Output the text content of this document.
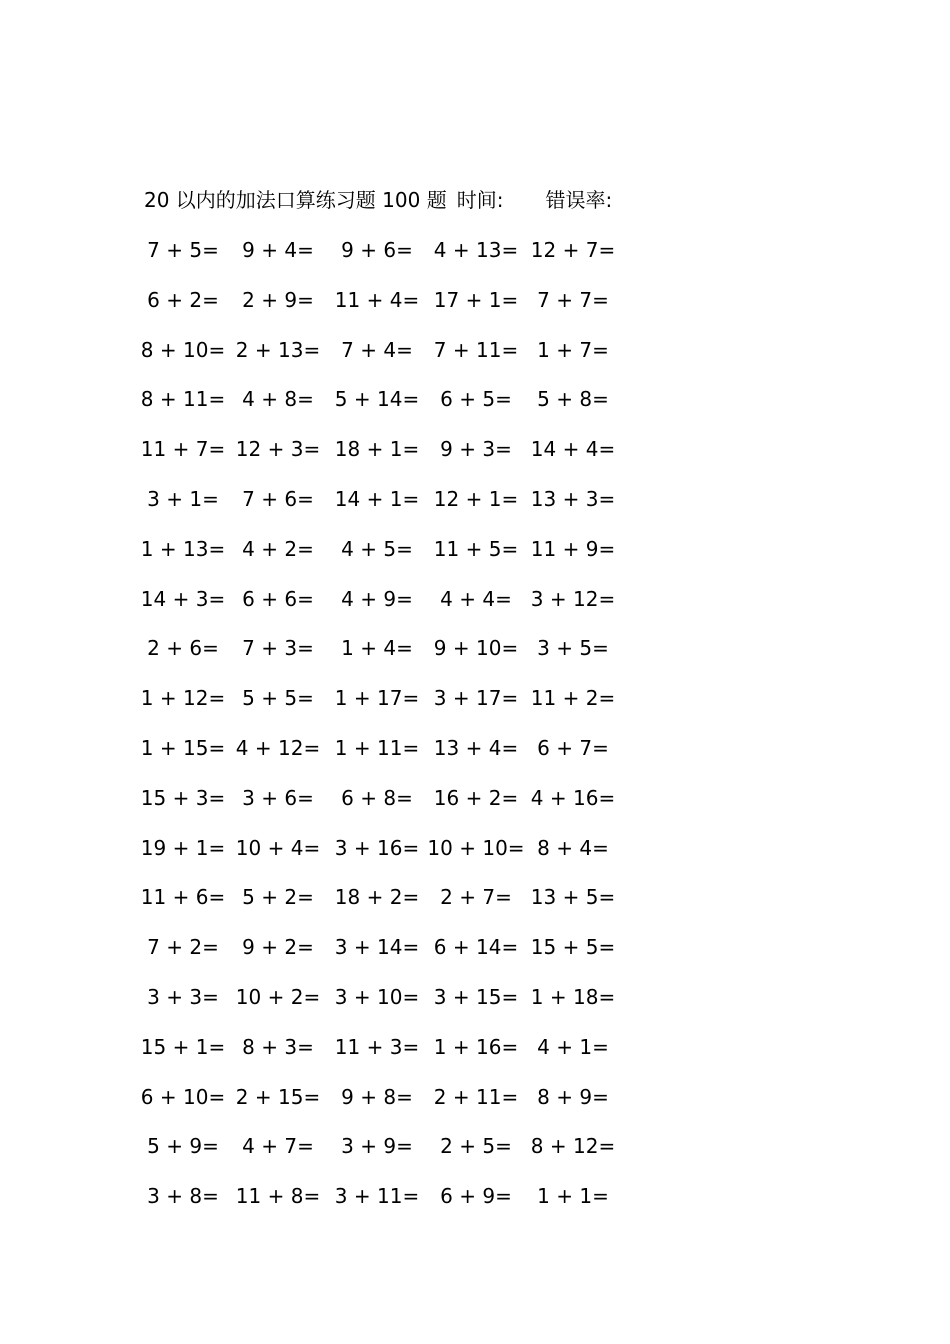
20 以内的加法口算练习题 100 题 时间: 错误率:
7 + 5= 9 + 4= 9 + 6= 4 + 13= 12 + 7=
6 + 2= 2 + 9= 11 + 4= 17 + 1= 7 + 7=
8 + 10= 2 + 13= 7 + 4= 7 + 11= 1 + 7=
8 + 11= 4 + 8= 5 + 14= 6 + 5= 5 + 8=
11 + 7= 12 + 3= 18 + 1= 9 + 3= 14 + 4=
3 + 1= 7 + 6= 14 + 1= 12 + 1= 13 + 3=
1 + 13= 4 + 2= 4 + 5= 11 + 5= 11 + 9=
14 + 3= 6 + 6= 4 + 9= 4 + 4= 3 + 12=
2 + 6= 7 + 3= 1 + 4= 9 + 10= 3 + 5=
1 + 12= 5 + 5= 1 + 17= 3 + 17= 11 + 2=
1 + 15= 4 + 12= 1 + 11= 13 + 4= 6 + 7=
15 + 3= 3 + 6= 6 + 8= 16 + 2= 4 + 16=
19 + 1= 10 + 4= 3 + 16= 10 + 10= 8 + 4=
11 + 6= 5 + 2= 18 + 2= 2 + 7= 13 + 5=
7 + 2= 9 + 2= 3 + 14= 6 + 14= 15 + 5=
3 + 3= 10 + 2= 3 + 10= 3 + 15= 1 + 18=
15 + 1= 8 + 3= 11 + 3= 1 + 16= 4 + 1=
6 + 10= 2 + 15= 9 + 8= 2 + 11= 8 + 9=
5 + 9= 4 + 7= 3 + 9= 2 + 5= 8 + 12=
3 + 8= 11 + 8= 3 + 11= 6 + 9= 1 + 1=
